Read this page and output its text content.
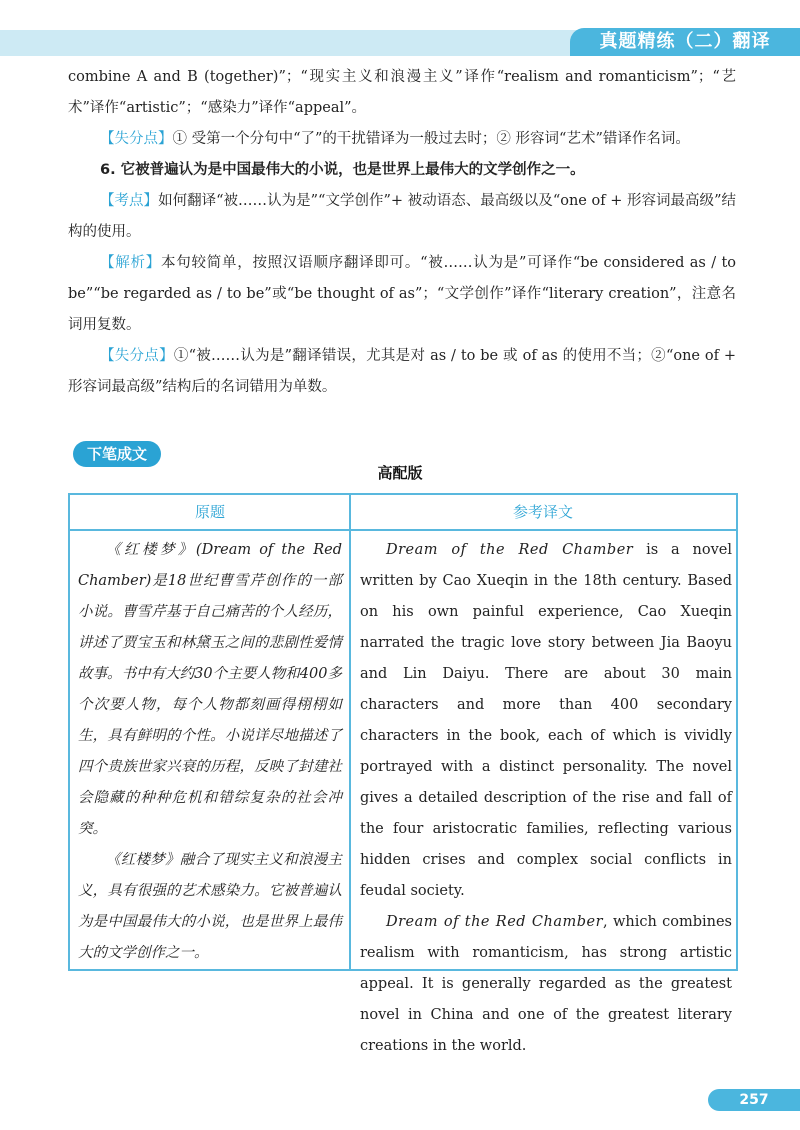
真题精练（二）翻译

combine A and B (together)”；“现实主义和浪漫主义”译作“realism and romanticism”；“艺术”译作“artistic”；“感染力”译作“appeal”。

【失分点】① 受第一个分句中“了”的干扰错译为一般过去时；② 形容词“艺术”错译作名词。

6. 它被普遍认为是中国最伟大的小说，也是世界上最伟大的文学创作之一。

【考点】如何翻译“被……认为是”“文学创作”+ 被动语态、最高级以及“one of + 形容词最高级”结构的使用。

【解析】本句较简单，按照汉语顺序翻译即可。“被……认为是”可译作“be considered as / to be”“be regarded as / to be”或“be thought of as”；“文学创作”译作“literary creation”，注意名词用复数。

【失分点】①“被……认为是”翻译错误，尤其是对 as / to be 或 of as 的使用不当；②“one of + 形容词最高级”结构后的名词错用为单数。

下笔成文
高配版
原题	参考译文

《红楼梦》(Dream of the Red Chamber)是18世纪曹雪芹创作的一部小说。曹雪芹基于自己痛苦的个人经历，讲述了贾宝玉和林黛玉之间的悲剧性爱情故事。书中有大约30个主要人物和400多个次要人物，每个人物都刻画得栩栩如生，具有鲜明的个性。小说详尽地描述了四个贵族世家兴衰的历程，反映了封建社会隐藏的种种危机和错综复杂的社会冲突。

《红楼梦》融合了现实主义和浪漫主义，具有很强的艺术感染力。它被普遍认为是中国最伟大的小说，也是世界上最伟大的文学创作之一。

Dream of the Red Chamber is a novel written by Cao Xueqin in the 18th century. Based on his own painful experience, Cao Xueqin narrated the tragic love story between Jia Baoyu and Lin Daiyu. There are about 30 main characters and more than 400 secondary characters in the book, each of which is vividly portrayed with a distinct personality. The novel gives a detailed description of the rise and fall of the four aristocratic families, reflecting various hidden crises and complex social conflicts in feudal society.

Dream of the Red Chamber, which combines realism with romanticism, has strong artistic appeal. It is generally regarded as the greatest novel in China and one of the greatest literary creations in the world.

257
